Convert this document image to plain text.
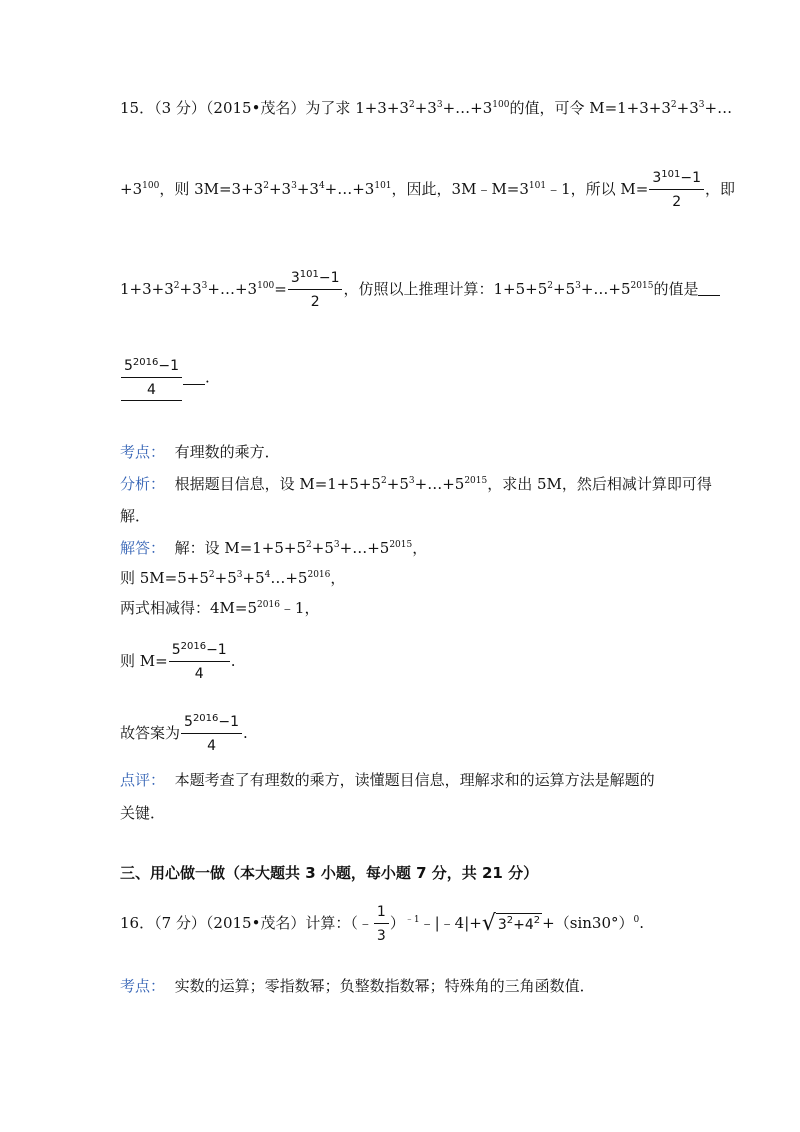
15．（3 分）（2015•茂名）为了求 $1+3+3^2+3^3+\dots+3^{100}$的值，可令 $M=1+3+3^2+3^3+\dots$
$+3^{100}$，则 $3M=3+3^2+3^3+3^4+\dots+3^{101}$，因此，$3M﹣M=3^{101}﹣1$，所以 $M= \frac{3^{101}-1}{2}$ ，即
$1+3+3^2+3^3+\dots+3^{100}= \frac{3^{101}-1}{2}$ ，仿照以上推理计算：$1+5+5^2+5^3+\dots+5^{2015}$的值是
$\frac{5^{2016}-1}{4}$ .
考点： 有理数的乘方．
分析： 根据题目信息，设 $M=1+5+5^2+5^3+\dots+5^{2015}$，求出 5M，然后相减计算即可得
解．
解答： 解：设 $M=1+5+5^2+5^3+\dots+5^{2015}$，
则 $5M=5+5^2+5^3+5^4\dots+5^{2016}$，
两式相减得：$4M=5^{2016}﹣1$，
则 $M= \frac{5^{2016}-1}{4}$ .
故答案为 $\frac{5^{2016}-1}{4}$ .
点评： 本题考查了有理数的乘方，读懂题目信息，理解求和的运算方法是解题的
关键．
三、用心做一做（本大题共 3 小题，每小题 7 分，共 21 分）
16．（7 分）（2015•茂名）计算：（﹣ $\frac{1}{3}$ ）$^{﹣1}$﹣|﹣4|+√ $3^2+4^2 +(\sin 30^\circ)^0$.
考点： 实数的运算；零指数幂；负整数指数幂；特殊角的三角函数值．
